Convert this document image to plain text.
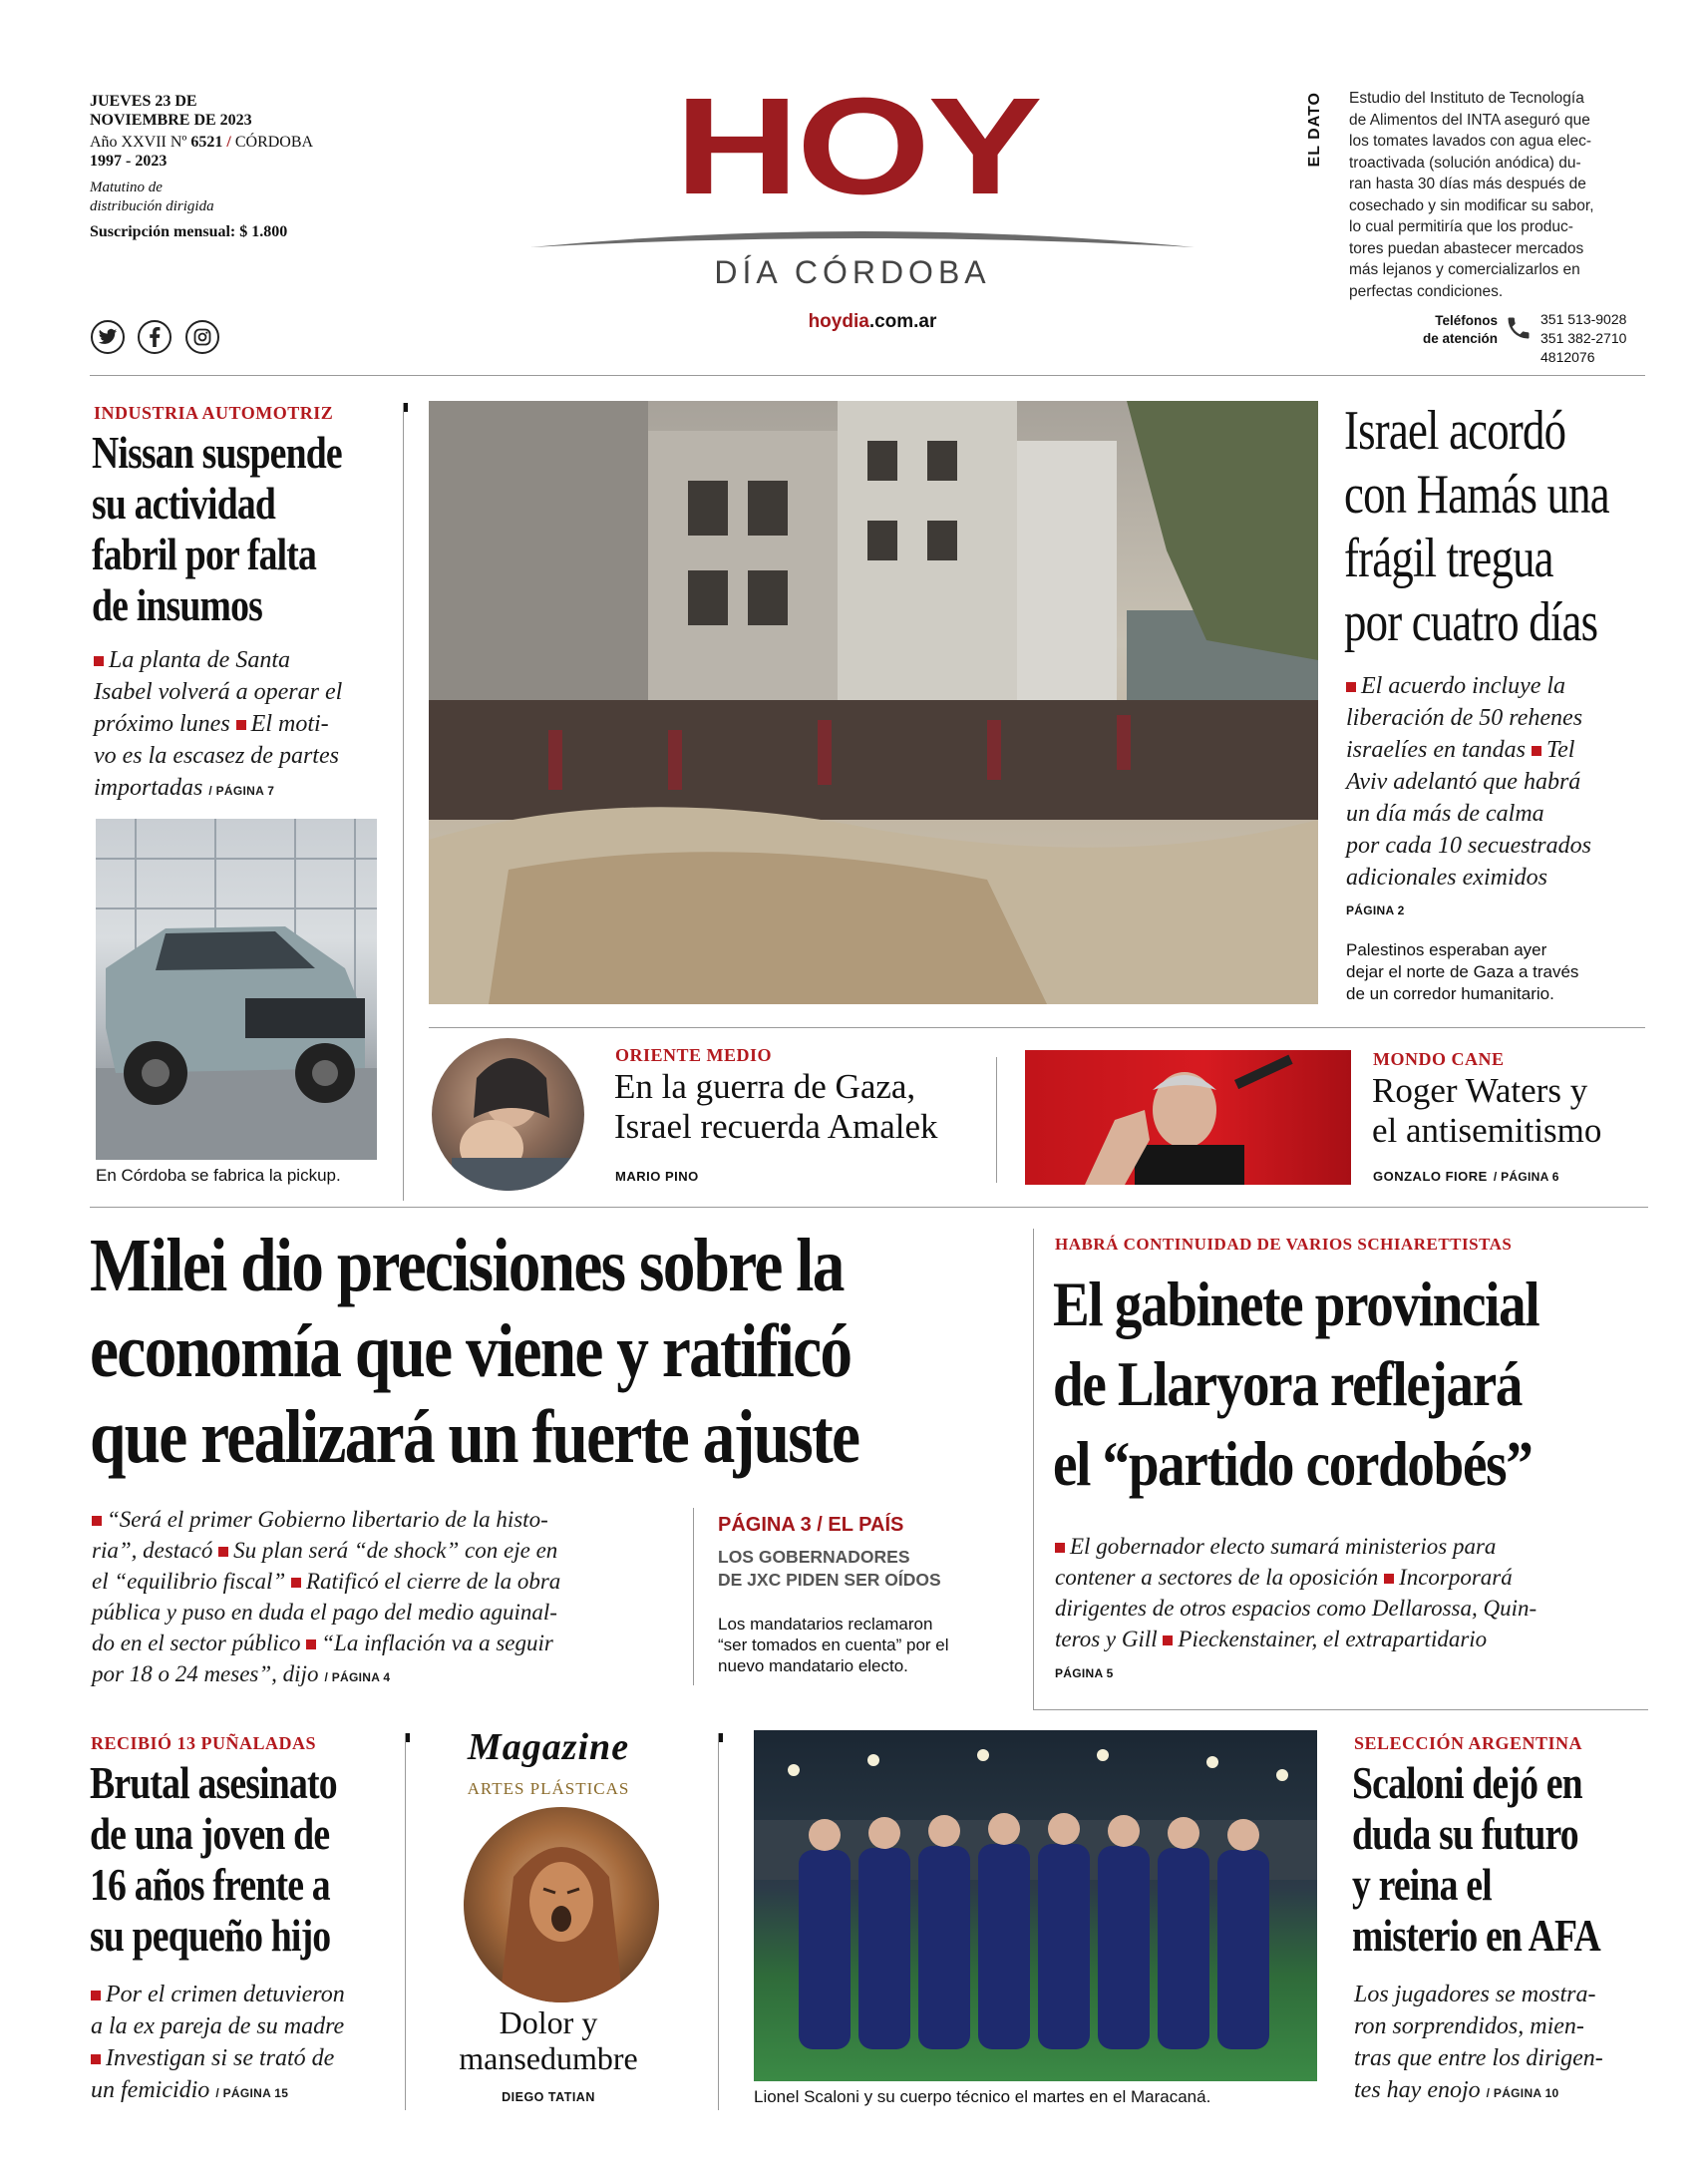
JUEVES 23 DE
NOVIEMBRE DE 2023
Año XXVII Nº 6521 / CÓRDOBA
1997 - 2023
Matutino de
distribución dirigida
Suscripción mensual: $ 1.800
HOY
DÍA CÓRDOBA
hoydia.com.ar
EL DATO Estudio del Instituto de Tecnología
de Alimentos del INTA aseguró que
los tomates lavados con agua elec-
troactivada (solución anódica) du-
ran hasta 30 días más después de
cosechado y sin modificar su sabor,
lo cual permitiría que los produc-
tores puedan abastecer mercados
más lejanos y comercializarlos en
perfectas condiciones.
Teléfonos
de atención
351 513-9028
351 382-2710
4812076
INDUSTRIA AUTOMOTRIZ
Nissan suspende
su actividad
fabril por falta
de insumos
La planta de Santa
Isabel volverá a operar el
próximo lunes El moti-
vo es la escasez de partes
importadas / PÁGINA 7
En Córdoba se fabrica la pickup.
Israel acordó
con Hamás una
frágil tregua
por cuatro días
El acuerdo incluye la
liberación de 50 rehenes
israelíes en tandas Tel
Aviv adelantó que habrá
un día más de calma
por cada 10 secuestrados
adicionales eximidos
PÁGINA 2
Palestinos esperaban ayer
dejar el norte de Gaza a través
de un corredor humanitario.
ORIENTE MEDIO
En la guerra de Gaza,
Israel recuerda Amalek
MARIO PINO
MONDO CANE
Roger Waters y
el antisemitismo
GONZALO FIORE / PÁGINA 6
Milei dio precisiones sobre la
economía que viene y ratificó
que realizará un fuerte ajuste
“Será el primer Gobierno libertario de la histo-
ria”, destacó Su plan será “de shock” con eje en
el “equilibrio fiscal” Ratificó el cierre de la obra
pública y puso en duda el pago del medio aguinal-
do en el sector público “La inflación va a seguir
por 18 o 24 meses”, dijo / PÁGINA 4
PÁGINA 3 / EL PAÍS
LOS GOBERNADORES
DE JXC PIDEN SER OÍDOS
Los mandatarios reclamaron
“ser tomados en cuenta” por el
nuevo mandatario electo.
HABRÁ CONTINUIDAD DE VARIOS SCHIARETTISTAS
El gabinete provincial
de Llaryora reflejará
el “partido cordobés”
El gobernador electo sumará ministerios para
contener a sectores de la oposición Incorporará
dirigentes de otros espacios como Dellarossa, Quin-
teros y Gill Pieckenstainer, el extrapartidario
PÁGINA 5
RECIBIÓ 13 PUÑALADAS
Brutal asesinato
de una joven de
16 años frente a
su pequeño hijo
Por el crimen detuvieron
a la ex pareja de su madre
Investigan si se trató de
un femicidio / PÁGINA 15
Magazine
ARTES PLÁSTICAS
Dolor y
mansedumbre
DIEGO TATIAN	Lionel Scaloni y su cuerpo técnico el martes en el Maracaná.
SELECCIÓN ARGENTINA
Scaloni dejó en
duda su futuro
y reina el
misterio en AFA
Los jugadores se mostra-
ron sorprendidos, mien-
tras que entre los dirigen-
tes hay enojo / PÁGINA 10
